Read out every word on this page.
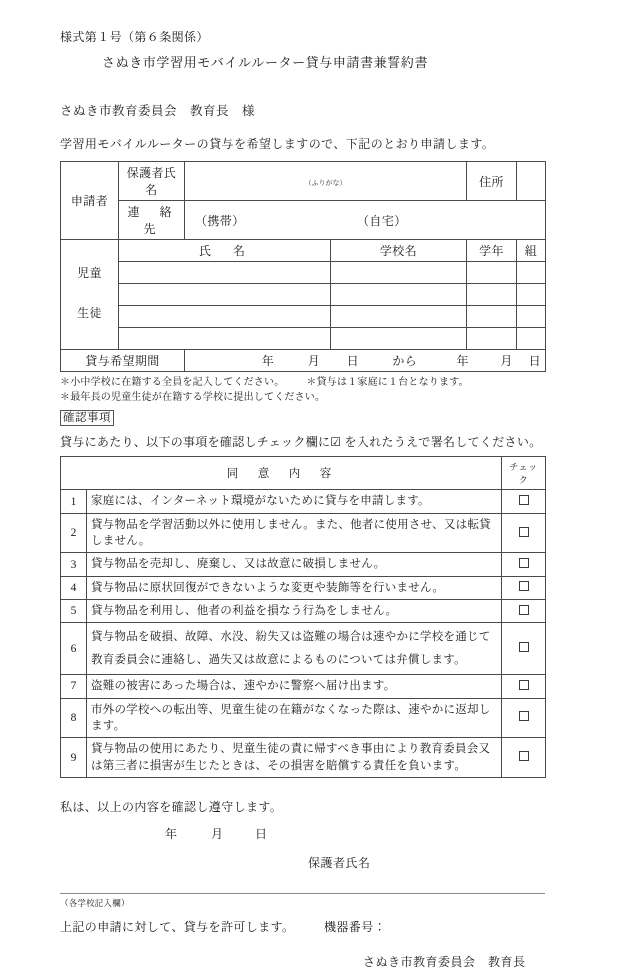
様式第１号（第６条関係）
さぬき市学習用モバイルルーター貸与申請書兼誓約書
さぬき市教育委員会　教育長　様
学習用モバイルルーターの貸与を希望しますので、下記のとおり申請します。
申請者	保護者氏名	（ふりがな）		住所	
	連　絡　先	（携帯） （自宅）			

児童
生徒	氏　名		学校名	学年	組

貸与希望期間	年	月	日	から	年	月	日
＊小中学校に在籍する全員を記入してください。 ＊貸与は１家庭に１台となります。
＊最年長の児童生徒が在籍する学校に提出してください。
確認事項
貸与にあたり、以下の事項を確認しチェック欄に☑ を入れたうえで署名してください。
同　意　内　容		チェック
1	家庭には、インターネット環境がないために貸与を申請します。	
2	貸与物品を学習活動以外に使用しません。また、他者に使用させ、又は転貸しません。	
3	貸与物品を売却し、廃棄し、又は故意に破損しません。	
4	貸与物品に原状回復ができないような変更や装飾等を行いません。	
5	貸与物品を利用し、他者の利益を損なう行為をしません。	
6	貸与物品を破損、故障、水没、紛失又は盗難の場合は速やかに学校を通じて教育委員会に連絡し、過失又は故意によるものについては弁償します。	
7	盗難の被害にあった場合は、速やかに警察へ届け出ます。	
8	市外の学校への転出等、児童生徒の在籍がなくなった際は、速やかに返却します。	
9	貸与物品の使用にあたり、児童生徒の責に帰すべき事由により教育委員会又は第三者に損害が生じたときは、その損害を賠償する責任を負います。	
私は、以上の内容を確認し遵守します。
年	月	日
保護者氏名
（各学校記入欄）
上記の申請に対して、貸与を許可します。	機器番号：
さぬき市教育委員会　教育長
